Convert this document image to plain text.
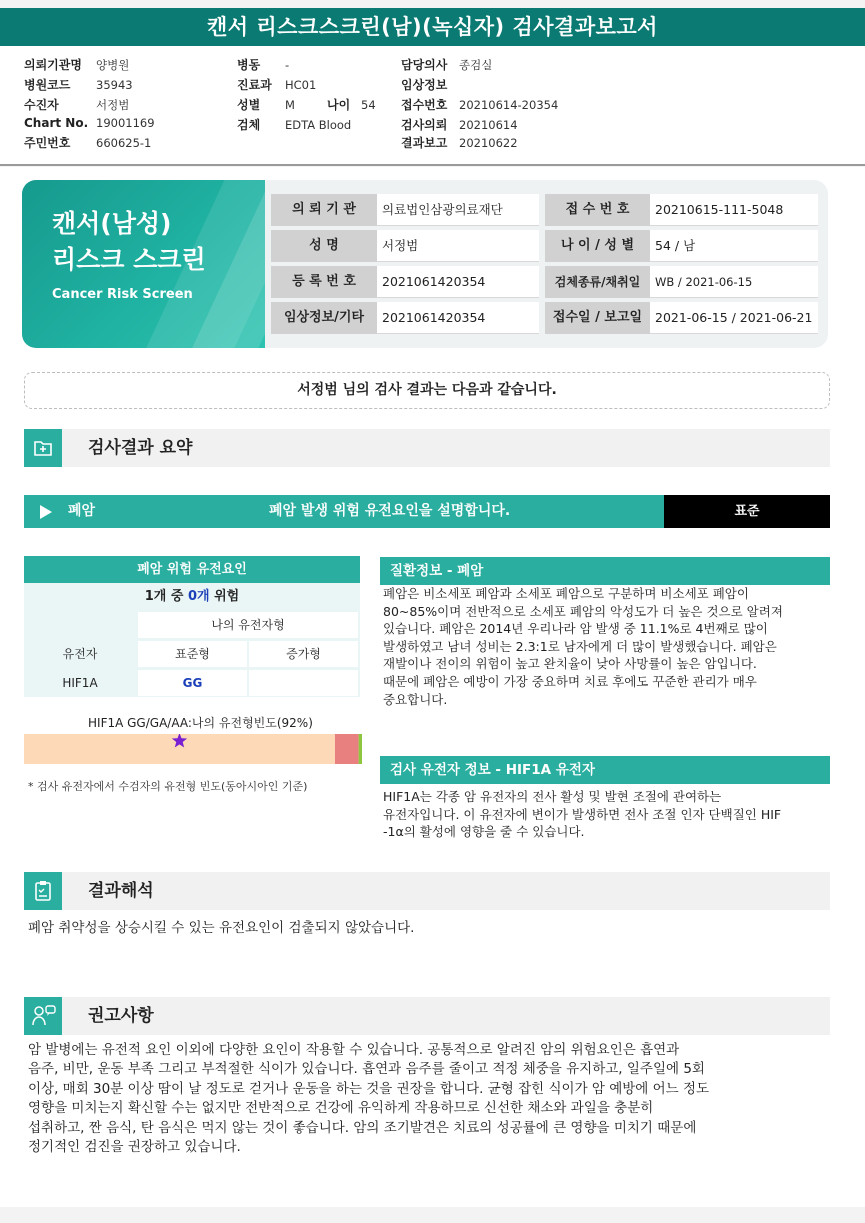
캔서 리스크스크린(남)(녹십자) 검사결과보고서
의뢰기관명 양병원
병원코드 35943
수진자	서정범
Chart No. 19001169
주민번호 660625-1
병동 -
진료과 HC01
성별 M	나이 54
검체 EDTA Blood
담당의사 종검실
임상정보
접수번호 20210614-20354
검사의뢰 20210614
결과보고 20210622
캔서(남성)
리스크 스크린
Cancer Risk Screen
의 뢰 기 관	의료법인삼광의료재단	접 수 번 호	20210615-111-5048
성 명	서정범	나 이 / 성 별	54 / 남
등 록 번 호	2021061420354	검체종류/채취일	WB / 2021-06-15
임상정보/기타	2021061420354	접수일 / 보고일	2021-06-15 / 2021-06-21
서정범 님의 검사 결과는 다음과 같습니다.
검사결과 요약
폐암	폐암 발생 위험 유전요인을 설명합니다.	표준
폐암 위험 유전요인
1개 중 0개 위험
나의 유전자형
유전자	표준형	증가형
HIF1A	GG
HIF1A GG/GA/AA:나의 유전형빈도(92%)
* 검사 유전자에서 수검자의 유전형 빈도(동아시아인 기준)
질환정보 - 폐암
폐암은 비소세포 폐암과 소세포 폐암으로 구분하며 비소세포 폐암이
80~85%이며 전반적으로 소세포 폐암의 악성도가 더 높은 것으로 알려져
있습니다. 폐암은 2014년 우리나라 암 발생 중 11.1%로 4번째로 많이
발생하였고 남녀 성비는 2.3:1로 남자에게 더 많이 발생했습니다. 폐암은
재발이나 전이의 위험이 높고 완치율이 낮아 사망률이 높은 암입니다.
때문에 폐암은 예방이 가장 중요하며 치료 후에도 꾸준한 관리가 매우
중요합니다.
검사 유전자 정보 - HIF1A 유전자
HIF1A는 각종 암 유전자의 전사 활성 및 발현 조절에 관여하는
유전자입니다. 이 유전자에 변이가 발생하면 전사 조절 인자 단백질인 HIF
-1α의 활성에 영향을 줄 수 있습니다.
결과해석
폐암 취약성을 상승시킬 수 있는 유전요인이 검출되지 않았습니다.
권고사항
암 발병에는 유전적 요인 이외에 다양한 요인이 작용할 수 있습니다. 공통적으로 알려진 암의 위험요인은 흡연과
음주, 비만, 운동 부족 그리고 부적절한 식이가 있습니다. 흡연과 음주를 줄이고 적정 체중을 유지하고, 일주일에 5회
이상, 매회 30분 이상 땀이 날 정도로 걷거나 운동을 하는 것을 권장을 합니다. 균형 잡힌 식이가 암 예방에 어느 정도
영향을 미치는지 확신할 수는 없지만 전반적으로 건강에 유익하게 작용하므로 신선한 채소와 과일을 충분히
섭취하고, 짠 음식, 탄 음식은 먹지 않는 것이 좋습니다. 암의 조기발견은 치료의 성공률에 큰 영향을 미치기 때문에
정기적인 검진을 권장하고 있습니다.
